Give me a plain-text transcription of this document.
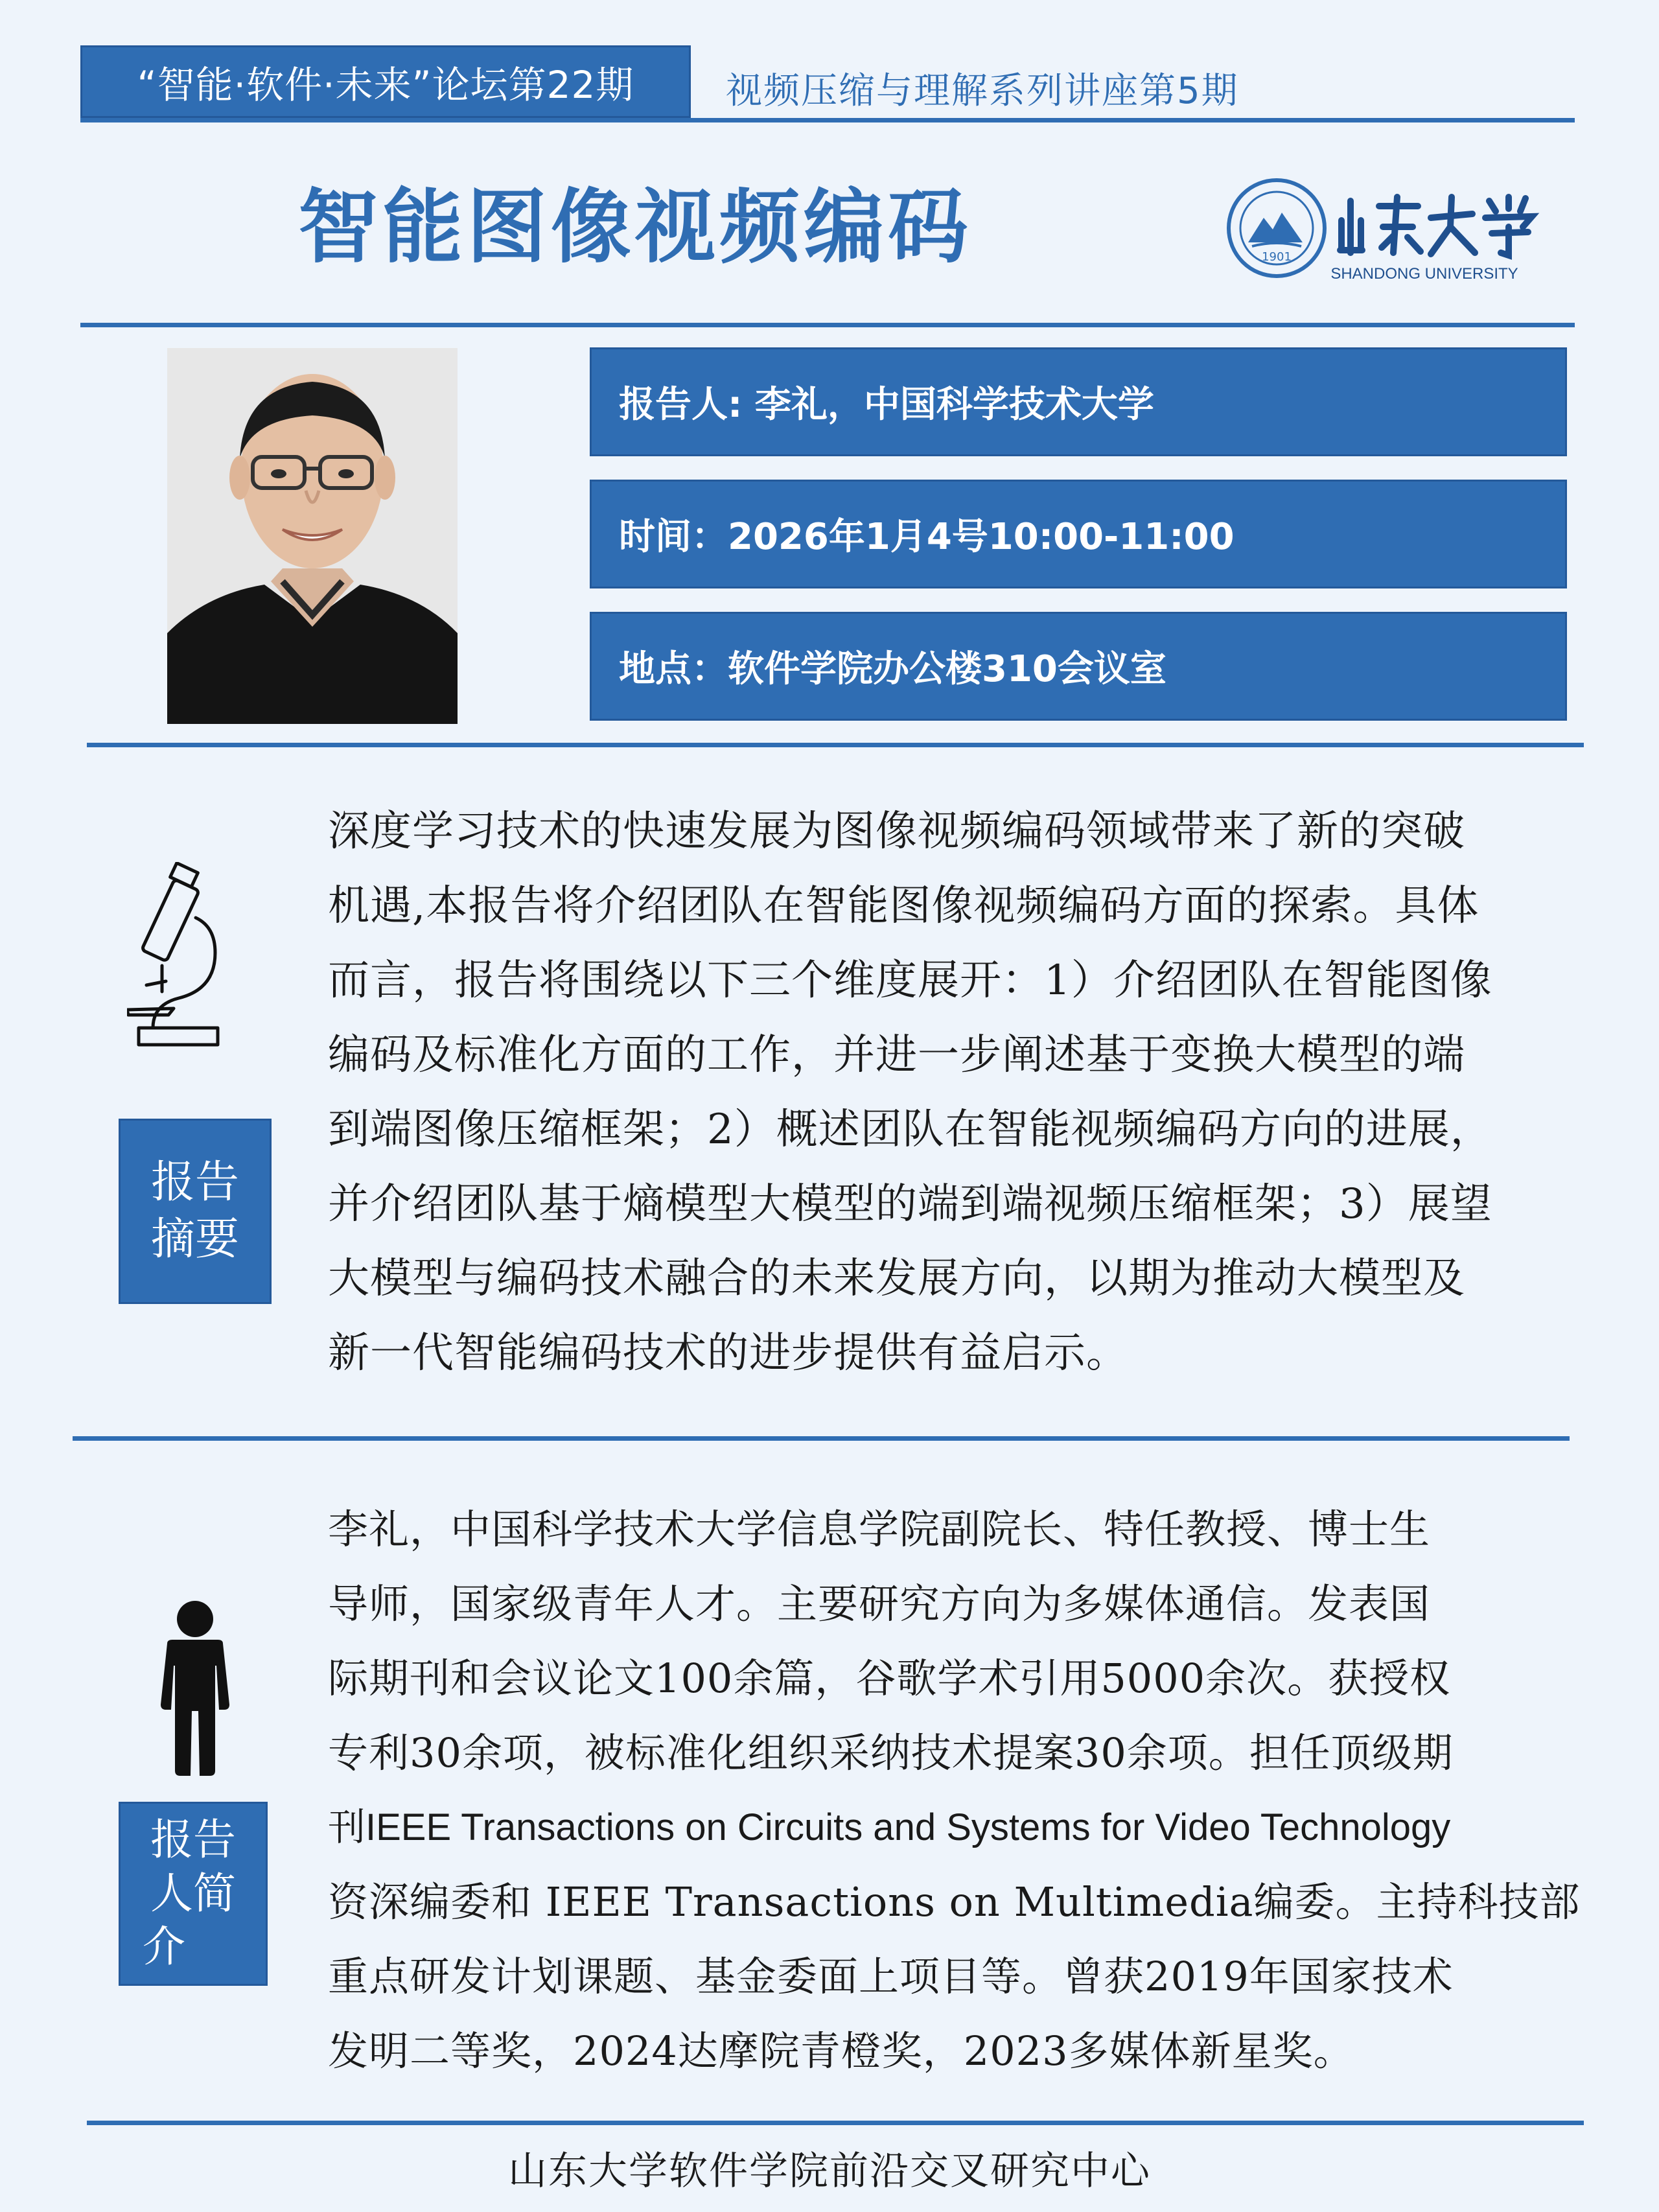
“智能·软件·未来”论坛第22期	视频压缩与理解系列讲座第5期
智能图像视频编码	1901
SHANDONG UNIVERSITY
报告人: 李礼，中国科学技术大学
时间：2026年1月4号10:00-11:00
地点：软件学院办公楼310会议室
报告
摘要
深度学习技术的快速发展为图像视频编码领域带来了新的突破
机遇,本报告将介绍团队在智能图像视频编码方面的探索。具体
而言，报告将围绕以下三个维度展开：1）介绍团队在智能图像
编码及标准化方面的工作，并进一步阐述基于变换大模型的端
到端图像压缩框架；2）概述团队在智能视频编码方向的进展，
并介绍团队基于熵模型大模型的端到端视频压缩框架；3）展望
大模型与编码技术融合的未来发展方向，以期为推动大模型及
新一代智能编码技术的进步提供有益启示。
报告
人简
介
李礼，中国科学技术大学信息学院副院长、特任教授、博士生
导师，国家级青年人才。主要研究方向为多媒体通信。发表国
际期刊和会议论文100余篇，谷歌学术引用5000余次。获授权
专利30余项，被标准化组织采纳技术提案30余项。担任顶级期
刊IEEE Transactions on Circuits and Systems for Video Technology
资深编委和 IEEE Transactions on Multimedia编委。主持科技部
重点研发计划课题、基金委面上项目等。曾获2019年国家技术
发明二等奖，2024达摩院青橙奖，2023多媒体新星奖。
山东大学软件学院前沿交叉研究中心
